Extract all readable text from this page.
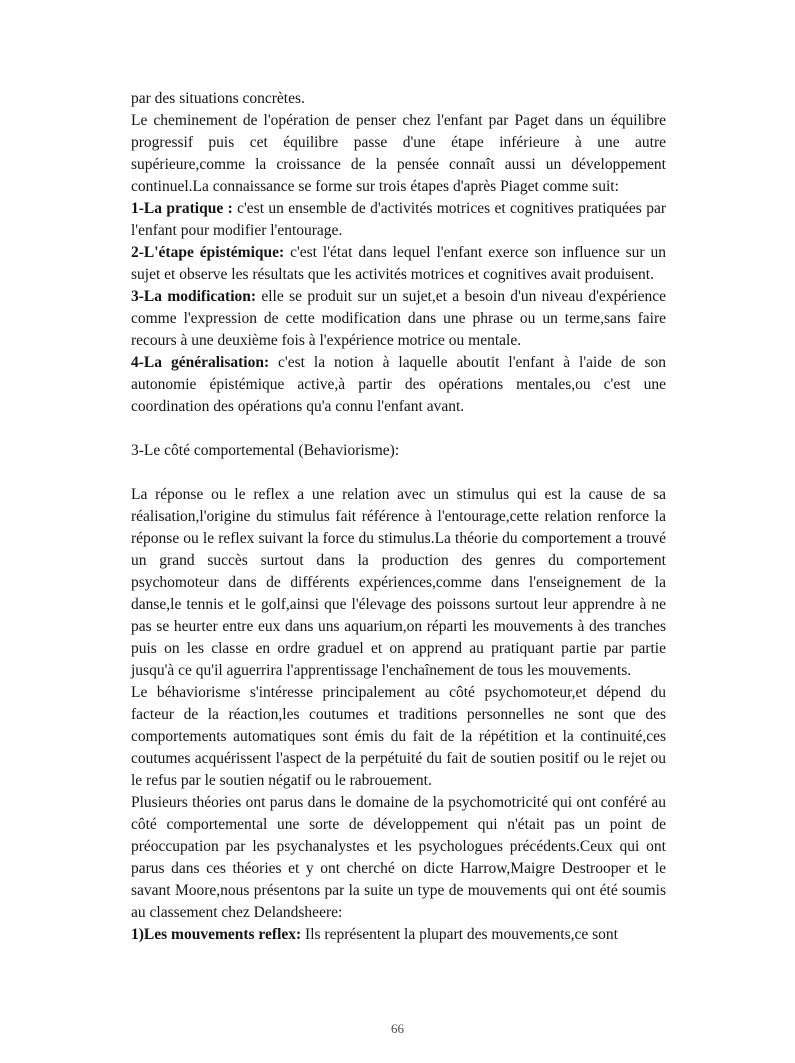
par des situations concrètes.

Le cheminement de l'opération de penser chez l'enfant par Paget dans un équilibre progressif puis cet équilibre passe d'une étape inférieure à une autre supérieure,comme la croissance de la pensée connaît aussi un développement continuel.La connaissance se forme sur trois étapes d'après Piaget comme suit:

1-La pratique : c'est un ensemble de d'activités motrices et cognitives pratiquées par l'enfant pour modifier l'entourage.

2-L'étape épistémique: c'est l'état dans lequel l'enfant exerce son influence sur un sujet et observe les résultats que les activités motrices et cognitives avait produisent.

3-La modification: elle se produit sur un sujet,et a besoin d'un niveau d'expérience comme l'expression de cette modification dans une phrase ou un terme,sans faire recours à une deuxième fois à l'expérience motrice ou mentale.

4-La généralisation: c'est la notion à laquelle aboutit l'enfant à l'aide de son autonomie épistémique active,à partir des opérations mentales,ou c'est une coordination des opérations qu'a connu l'enfant avant.

3-Le côté comportemental (Behaviorisme):

La réponse ou le reflex a une relation avec un stimulus qui est la cause de sa réalisation,l'origine du stimulus fait référence à l'entourage,cette relation renforce la réponse ou le reflex suivant la force du stimulus.La théorie du comportement a trouvé un grand succès surtout dans la production des genres du comportement psychomoteur dans de différents expériences,comme dans l'enseignement de la danse,le tennis et le golf,ainsi que l'élevage des poissons surtout leur apprendre à ne pas se heurter entre eux dans uns aquarium,on réparti les mouvements à des tranches puis on les classe en ordre graduel et on apprend au pratiquant partie par partie jusqu'à ce qu'il aguerrira l'apprentissage l'enchaînement de tous les mouvements.

Le béhaviorisme s'intéresse principalement au côté psychomoteur,et dépend du facteur de la réaction,les coutumes et traditions personnelles ne sont que des comportements automatiques sont émis du fait de la répétition et la continuité,ces coutumes acquérissent l'aspect de la perpétuité du fait de soutien positif ou le rejet ou le refus par le soutien négatif ou le rabrouement.

Plusieurs théories ont parus dans le domaine de la psychomotricité qui ont conféré au côté comportemental une sorte de développement qui n'était pas un point de préoccupation par les psychanalystes et les psychologues précédents.Ceux qui ont parus dans ces théories et y ont cherché on dicte Harrow,Maigre Destrooper et le savant Moore,nous présentons par la suite un type de mouvements qui ont été soumis au classement chez Delandsheere:

1)Les mouvements reflex: Ils représentent la plupart des mouvements,ce sont

66
